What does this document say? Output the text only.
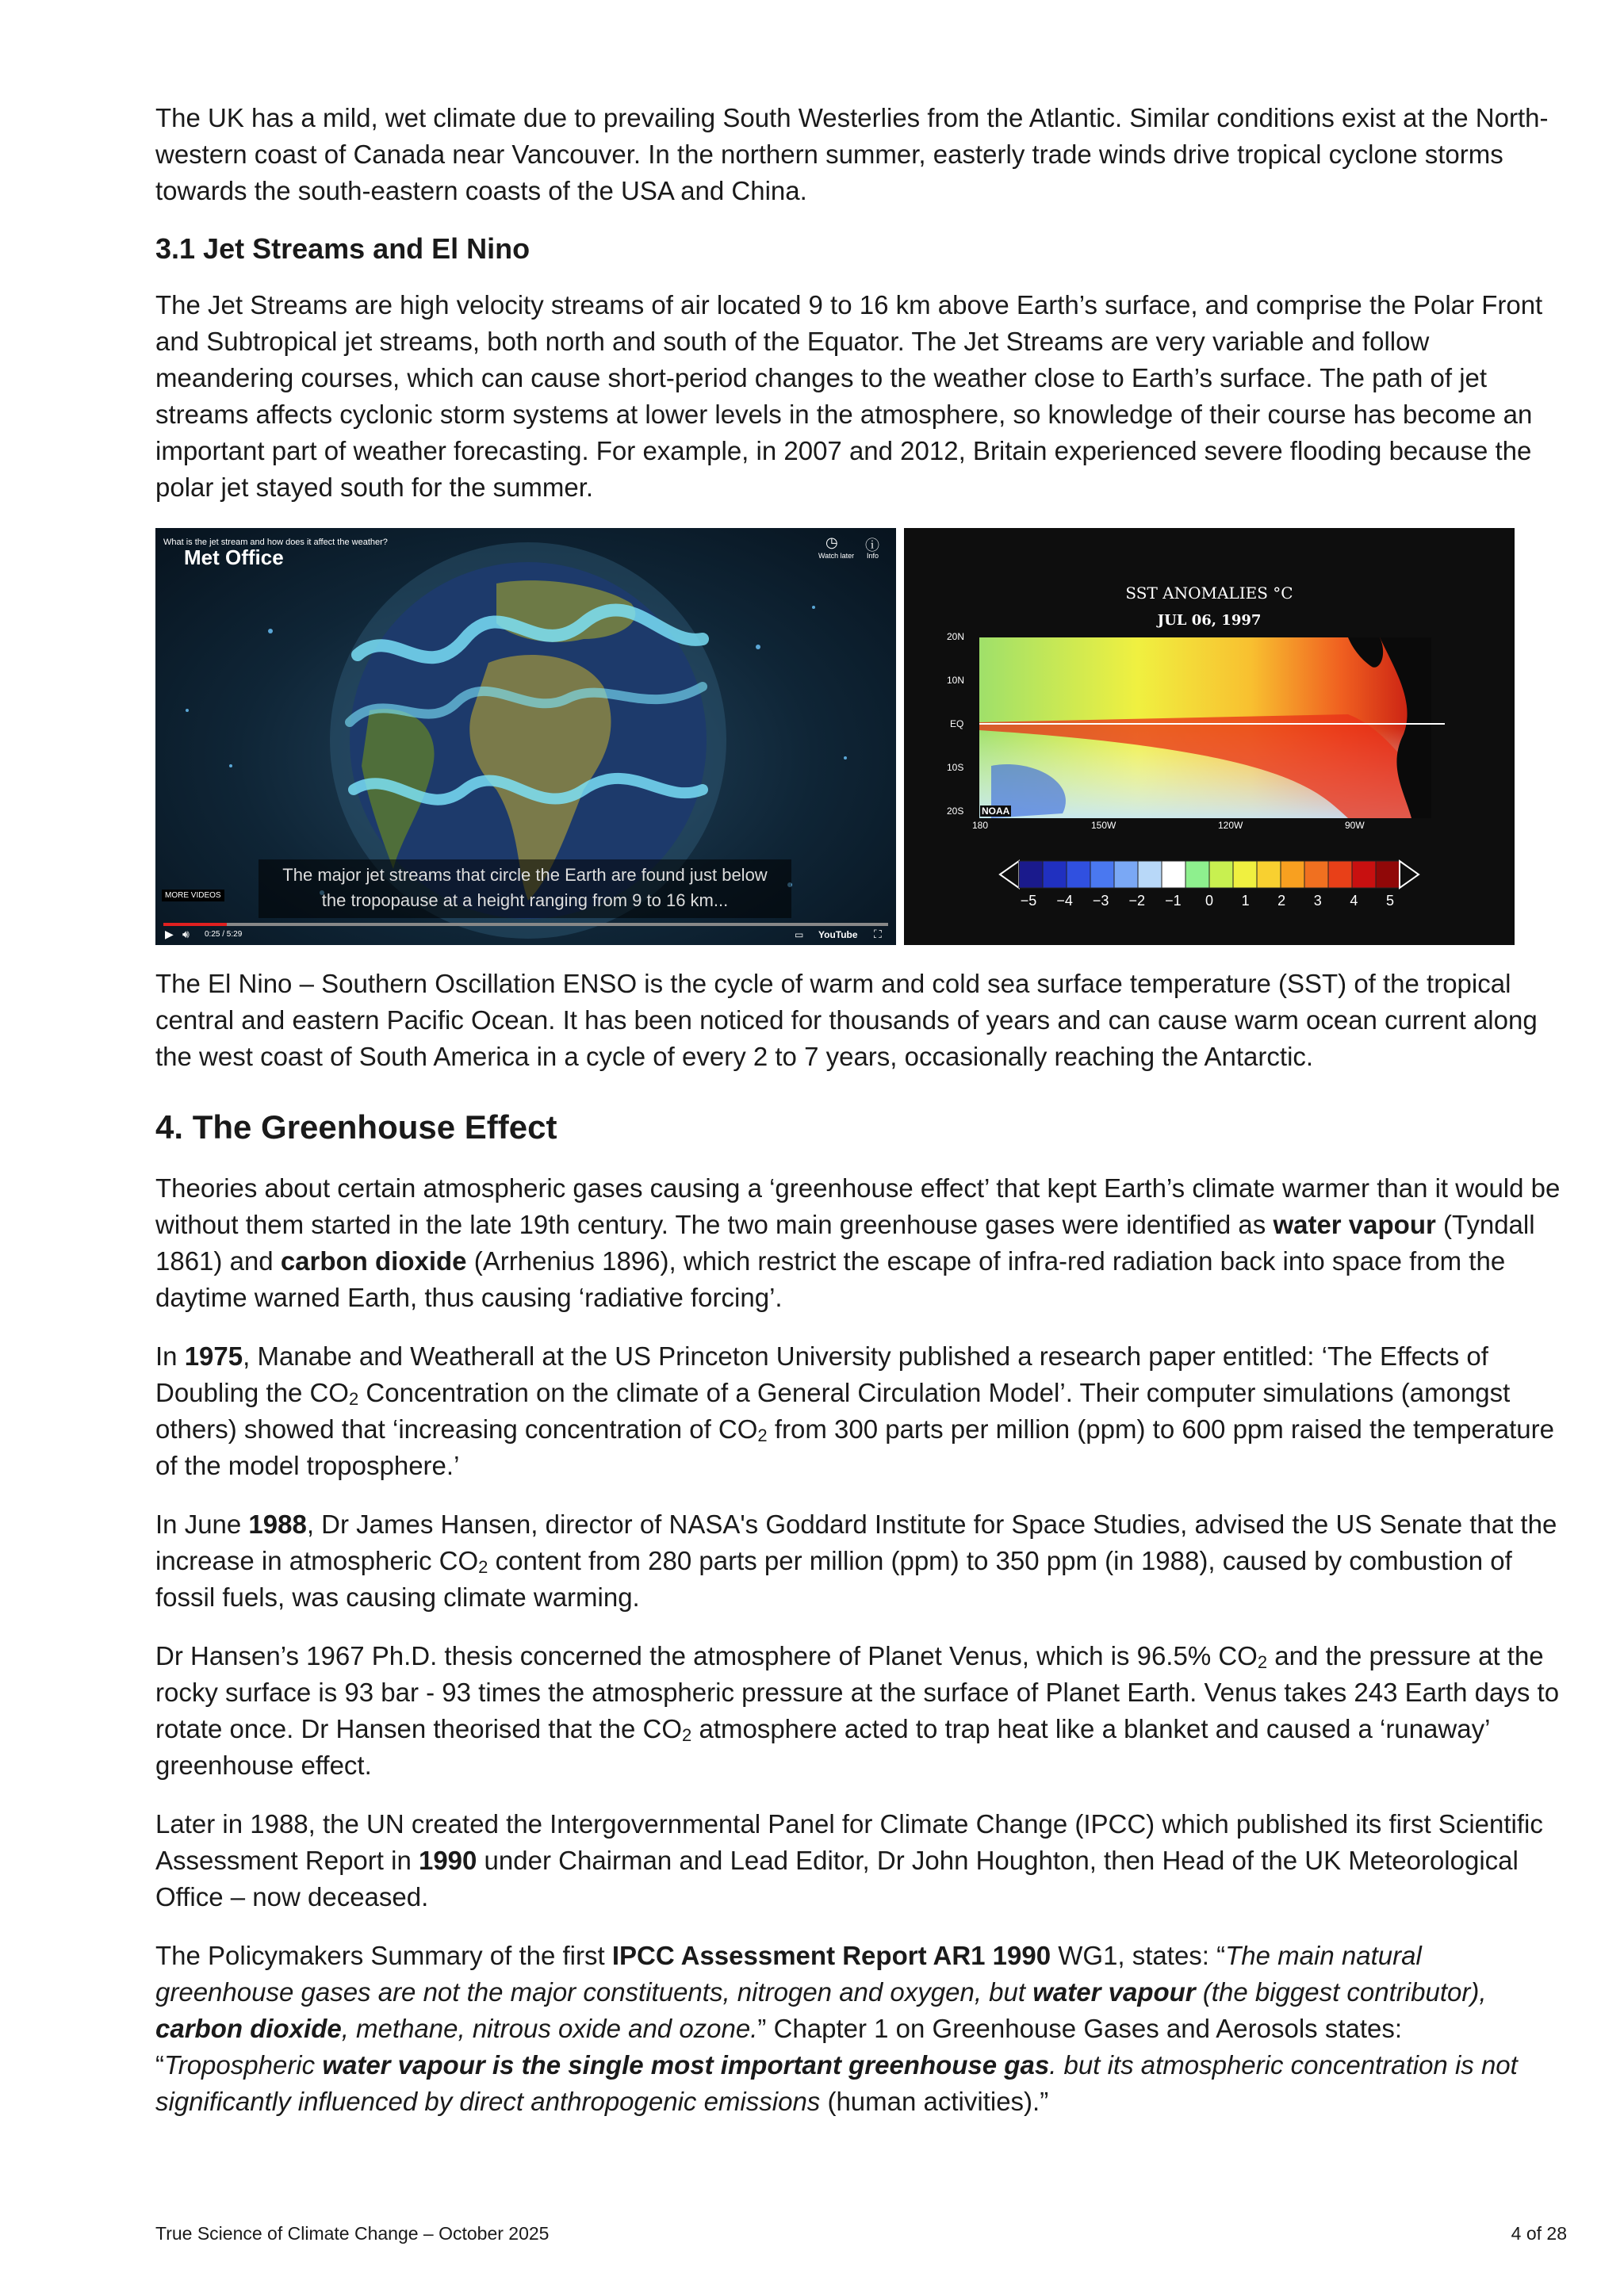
The UK has a mild, wet climate due to prevailing South Westerlies from the Atlantic. Similar conditions exist at the North-western coast of Canada near Vancouver. In the northern summer, easterly trade winds drive tropical cyclone storms towards the south-eastern coasts of the USA and China.

3.1 Jet Streams and El Nino

The Jet Streams are high velocity streams of air located 9 to 16 km above Earth’s surface, and comprise the Polar Front and Subtropical jet streams, both north and south of the Equator. The Jet Streams are very variable and follow meandering courses, which can cause short-period changes to the weather close to Earth’s surface. The path of jet streams affects cyclonic storm systems at lower levels in the atmosphere, so knowledge of their course has become an important part of weather forecasting. For example, in 2007 and 2012, Britain experienced severe flooding because the polar jet stayed south for the summer.

What is the jet stream and how does it affect the weather?
Met Office
◷ ⓘ
Watch later Info
MORE VIDEOS
The major jet streams that circle the Earth are found just below
the tropopause at a height ranging from 9 to 16 km...
▶ 🔊︎ 0:25 / 5:29	▭ YouTube ⛶
SST ANOMALIES °C
JUL 06, 1997
20N
10N
EQ
10S
20S NOAA
180	150W	120W	90W
−5 −4 −3 −2 −1	0	1	2	3	4	5

The El Nino – Southern Oscillation ENSO is the cycle of warm and cold sea surface temperature (SST) of the tropical central and eastern Pacific Ocean. It has been noticed for thousands of years and can cause warm ocean current along the west coast of South America in a cycle of every 2 to 7 years, occasionally reaching the Antarctic.

4. The Greenhouse Effect

Theories about certain atmospheric gases causing a ‘greenhouse effect’ that kept Earth’s climate warmer than it would be without them started in the late 19th century. The two main greenhouse gases were identified as water vapour (Tyndall 1861) and carbon dioxide (Arrhenius 1896), which restrict the escape of infra-red radiation back into space from the daytime warned Earth, thus causing ‘radiative forcing’.

In 1975, Manabe and Weatherall at the US Princeton University published a research paper entitled: ‘The Effects of Doubling the $CO_2$ Concentration on the climate of a General Circulation Model’. Their computer simulations (amongst others) showed that ‘increasing concentration of $CO_2$ from 300 parts per million (ppm) to 600 ppm raised the temperature of the model troposphere.’

In June 1988, Dr James Hansen, director of NASA's Goddard Institute for Space Studies, advised the US Senate that the increase in atmospheric $CO_2$ content from 280 parts per million (ppm) to 350 ppm (in 1988), caused by combustion of fossil fuels, was causing climate warming.

Dr Hansen’s 1967 Ph.D. thesis concerned the atmosphere of Planet Venus, which is 96.5% $CO_2$ and the pressure at the rocky surface is 93 bar - 93 times the atmospheric pressure at the surface of Planet Earth. Venus takes 243 Earth days to rotate once. Dr Hansen theorised that the $CO_2$ atmosphere acted to trap heat like a blanket and caused a ‘runaway’ greenhouse effect.

Later in 1988, the UN created the Intergovernmental Panel for Climate Change (IPCC) which published its first Scientific Assessment Report in 1990 under Chairman and Lead Editor, Dr John Houghton, then Head of the UK Meteorological Office – now deceased.

The Policymakers Summary of the first IPCC Assessment Report AR1 1990 WG1, states: “The main natural greenhouse gases are not the major constituents, nitrogen and oxygen, but water vapour (the biggest contributor), carbon dioxide, methane, nitrous oxide and ozone.” Chapter 1 on Greenhouse Gases and Aerosols states: “Tropospheric water vapour is the single most important greenhouse gas. but its atmospheric concentration is not significantly influenced by direct anthropogenic emissions (human activities).”

True Science of Climate Change – October 2025	4 of 28
